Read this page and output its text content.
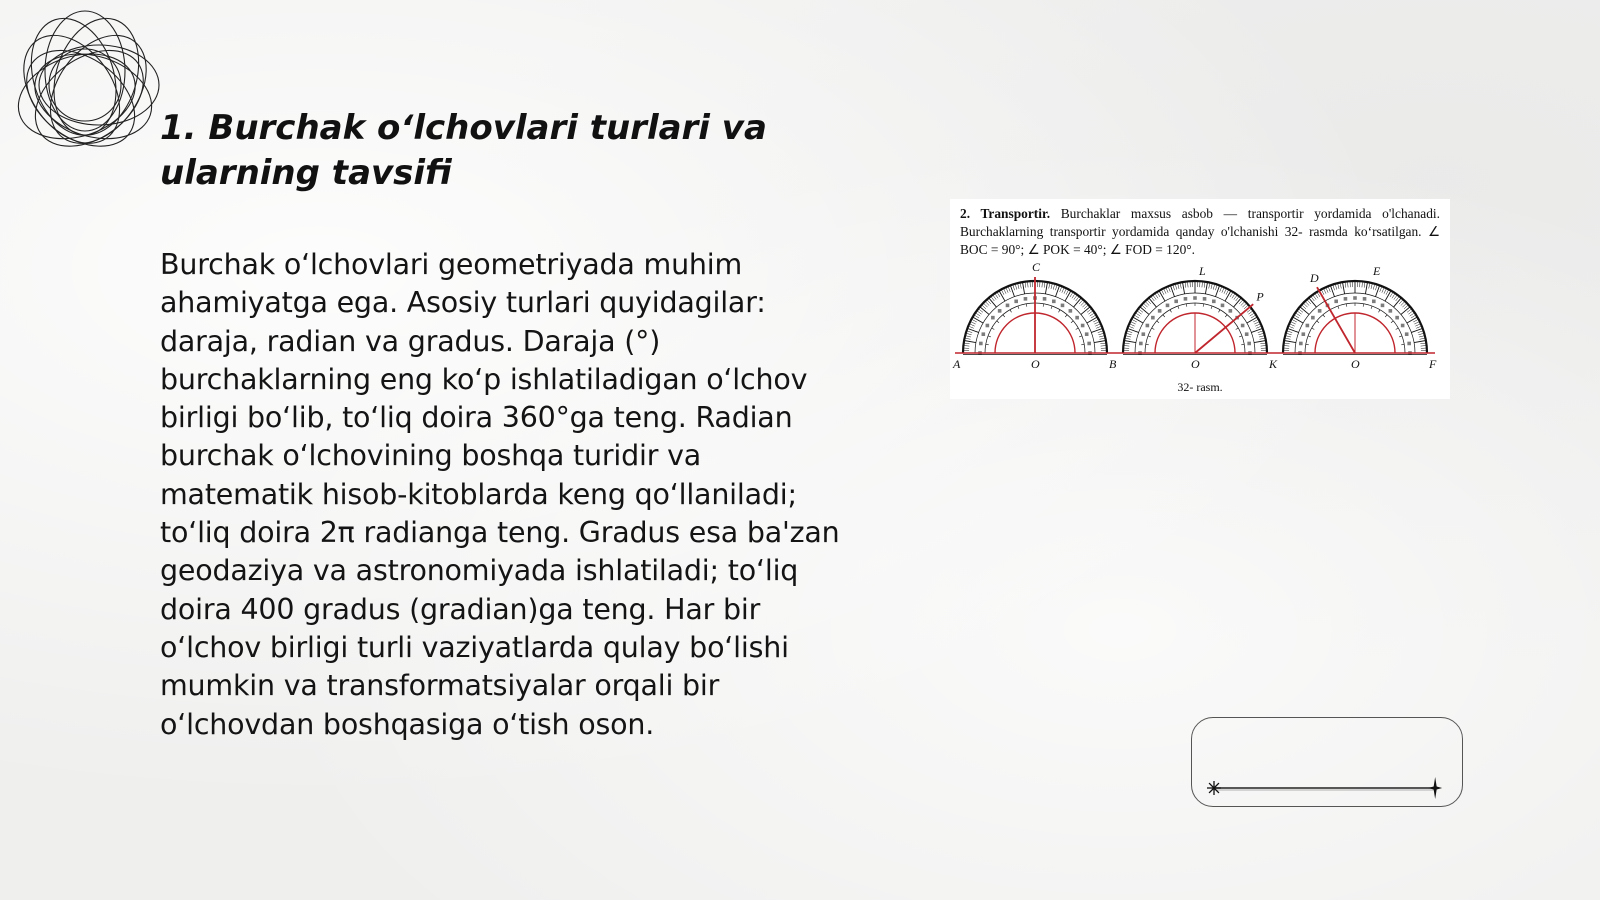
1. Burchak o‘lchovlari turlari va ularning tavsifi

Burchak o‘lchovlari geometriyada muhim ahamiyatga ega. Asosiy turlari quyidagilar: daraja, radian va gradus. Daraja (°) burchaklarning eng ko‘p ishlatiladigan o‘lchov birligi bo‘lib, to‘liq doira 360°ga teng. Radian burchak o‘lchovining boshqa turidir va matematik hisob-kitoblarda keng qo‘llaniladi; to‘liq doira 2π radianga teng. Gradus esa ba'zan geodaziya va astronomiyada ishlatiladi; to‘liq doira 400 gradus (gradian)ga teng. Har bir o‘lchov birligi turli vaziyatlarda qulay bo‘lishi mumkin va transformatsiyalar orqali bir o‘lchovdan boshqasiga o‘tish oson.

2. Transportir. Burchaklar maxsus asbob — transportir yordamida o'lchanadi. Burchaklarning transportir yordamida qanday o'lchanishi 32- rasmda ko‘rsatilgan. ∠ BOC = 90°; ∠ POK = 40°; ∠ FOD = 120°.
O
A	B
C
O	K
P
L
O	F
D	E
32- rasm.
